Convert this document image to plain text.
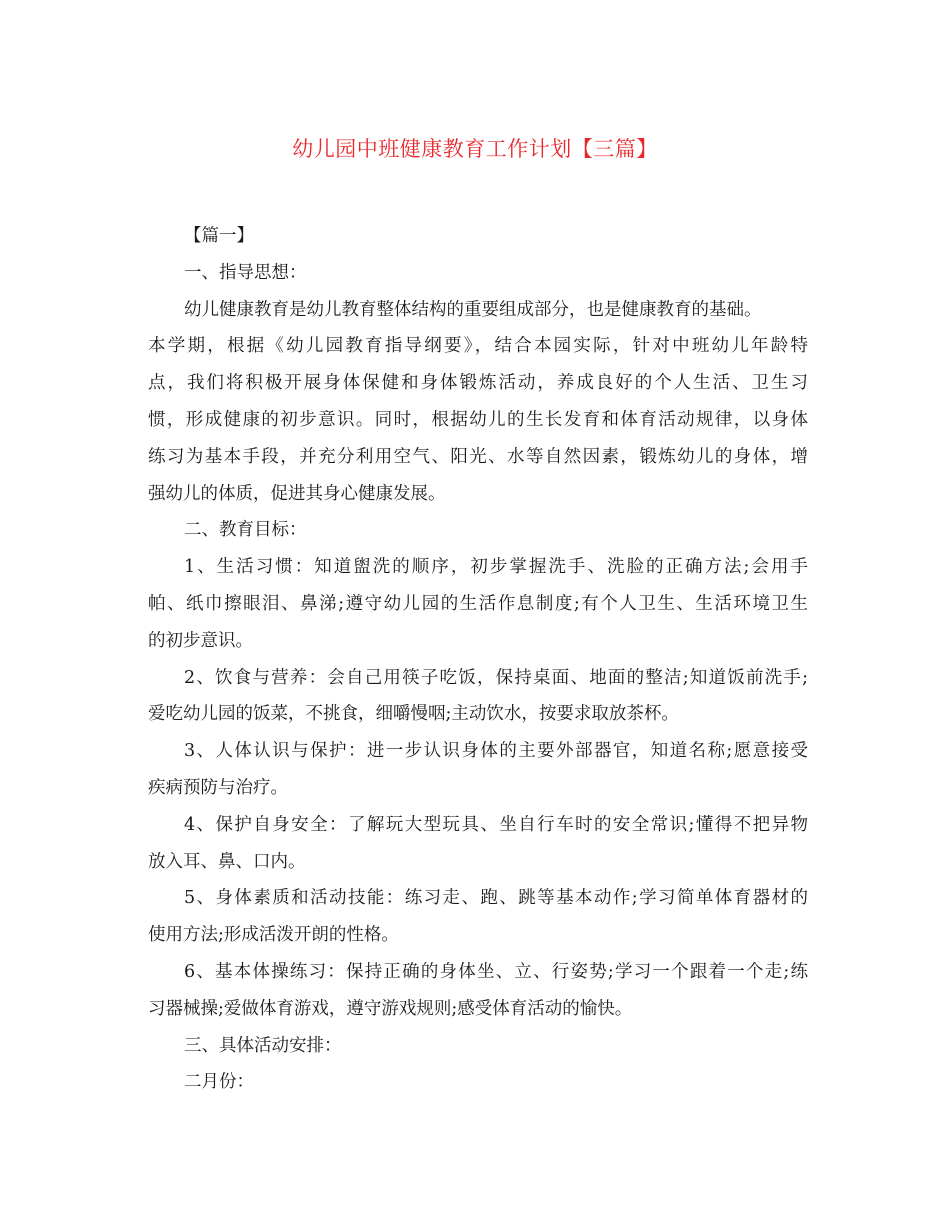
幼儿园中班健康教育工作计划【三篇】

【篇一】

一、指导思想：

幼儿健康教育是幼儿教育整体结构的重要组成部分，也是健康教育的基础。

本学期，根据《幼儿园教育指导纲要》，结合本园实际，针对中班幼儿年龄特

点，我们将积极开展身体保健和身体锻炼活动，养成良好的个人生活、卫生习

惯，形成健康的初步意识。同时，根据幼儿的生长发育和体育活动规律，以身体

练习为基本手段，并充分利用空气、阳光、水等自然因素，锻炼幼儿的身体，增

强幼儿的体质，促进其身心健康发展。

二、教育目标：

1、生活习惯：知道盥洗的顺序，初步掌握洗手、洗脸的正确方法;会用手

帕、纸巾擦眼泪、鼻涕;遵守幼儿园的生活作息制度;有个人卫生、生活环境卫生

的初步意识。

2、饮食与营养：会自己用筷子吃饭，保持桌面、地面的整洁;知道饭前洗手;

爱吃幼儿园的饭菜，不挑食，细嚼慢咽;主动饮水，按要求取放茶杯。

3、人体认识与保护：进一步认识身体的主要外部器官，知道名称;愿意接受

疾病预防与治疗。

4、保护自身安全：了解玩大型玩具、坐自行车时的安全常识;懂得不把异物

放入耳、鼻、口内。

5、身体素质和活动技能：练习走、跑、跳等基本动作;学习简单体育器材的

使用方法;形成活泼开朗的性格。

6、基本体操练习：保持正确的身体坐、立、行姿势;学习一个跟着一个走;练

习器械操;爱做体育游戏，遵守游戏规则;感受体育活动的愉快。

三、具体活动安排：

二月份：
